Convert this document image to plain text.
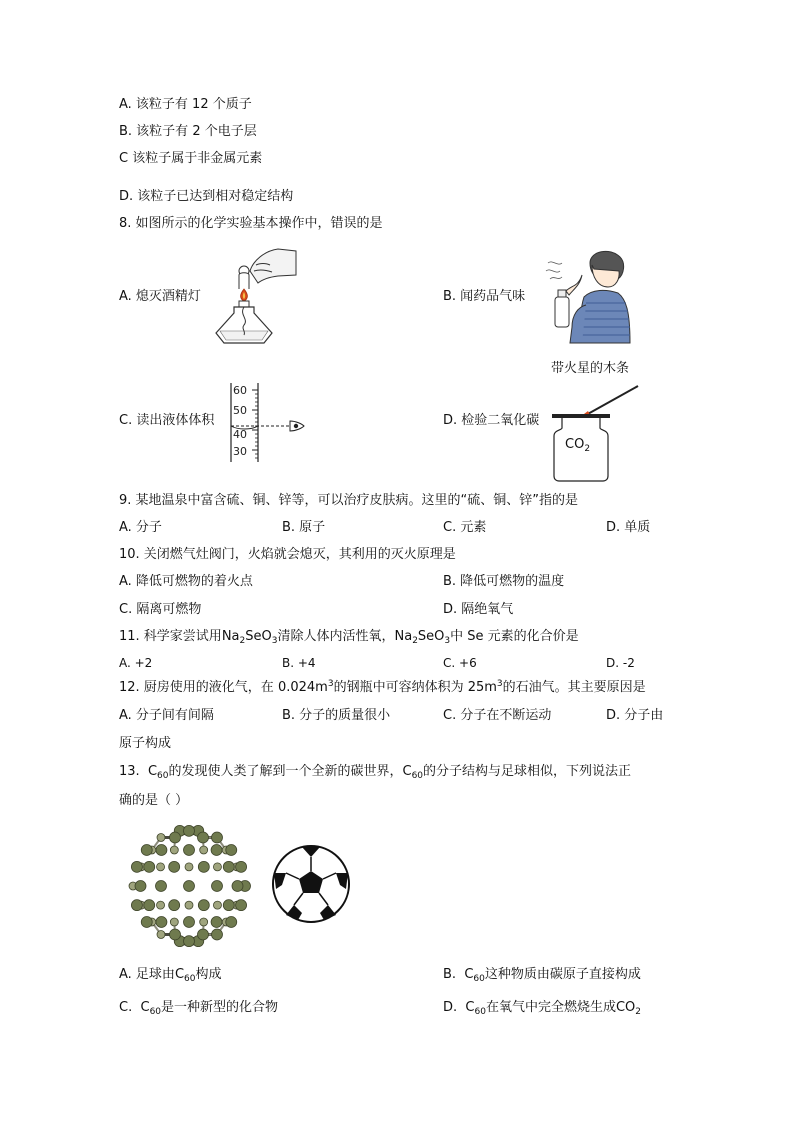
A. 该粒子有 12 个质子
B. 该粒子有 2 个电子层
C 该粒子属于非金属元素
D. 该粒子已达到相对稳定结构
8. 如图所示的化学实验基本操作中，错误的是
A. 熄灭酒精灯	B. 闻药品气味
带火星的木条
C. 读出液体体积
60
50
40
30
D. 检验二氧化碳
$CO_2$
9. 某地温泉中富含硫、铜、锌等，可以治疗皮肤病。这里的“硫、铜、锌”指的是
A. 分子	B. 原子	C. 元素	D. 单质
10. 关闭燃气灶阀门，火焰就会熄灭，其利用的灭火原理是
A. 降低可燃物的着火点	B. 降低可燃物的温度
C. 隔离可燃物	D. 隔绝氧气
11. 科学家尝试用$Na_2SeO_3$清除人体内活性氧，$Na_2SeO_3$中 Se 元素的化合价是
A. +2	B. +4	C. +6	D. -2
12. 厨房使用的液化气，在 $0.024m^3$的钢瓶中可容纳体积为 $25m^3$的石油气。其主要原因是
A. 分子间有间隔	B. 分子的质量很小	C. 分子在不断运动	D. 分子由
原子构成
13. $C_{60}$的发现使人类了解到一个全新的碳世界，$C_{60}$的分子结构与足球相似，下列说法正
确的是（ ）
A. 足球由$C_{60}$构成	B. $C_{60}$这种物质由碳原子直接构成
C. $C_{60}$是一种新型的化合物	D. $C_{60}$在氧气中完全燃烧生成$CO_2$
